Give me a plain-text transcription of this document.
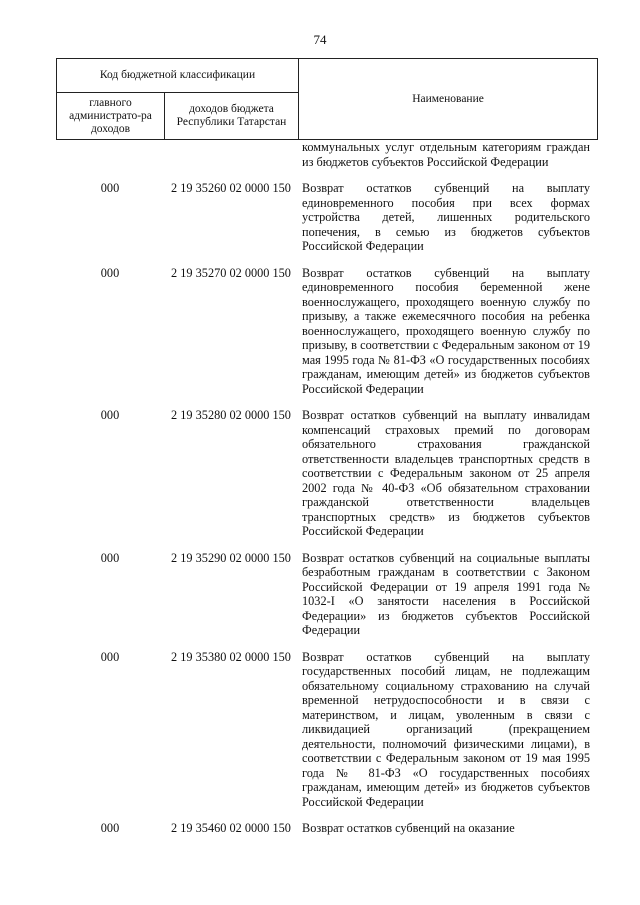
74
Код бюджетной классификации		Наименование
главного администрато-ра доходов	доходов бюджета Республики Татарстан	
коммунальных услуг отдельным категориям граждан из бюджетов субъектов Российской Федерации
000	2 19 35260 02 0000 150 Возврат остатков субвенций на выплату единовременного пособия при всех формах устройства детей, лишенных родительского попечения, в семью из бюджетов субъектов Российской Федерации
000	2 19 35270 02 0000 150 Возврат остатков субвенций на выплату единовременного пособия беременной жене военнослужащего, проходящего военную службу по призыву, а также ежемесячного пособия на ребенка военнослужащего, проходящего военную службу по призыву, в соответствии с Федеральным законом от 19 мая 1995 года № 81-ФЗ «О государственных пособиях гражданам, имеющим детей» из бюджетов субъектов Российской Федерации
000	2 19 35280 02 0000 150 Возврат остатков субвенций на выплату инвалидам компенсаций страховых премий по договорам обязательного страхования гражданской ответственности владельцев транспортных средств в соответствии с Федеральным законом от 25 апреля 2002 года № 40-ФЗ «Об обязательном страховании гражданской ответственности владельцев транспортных средств» из бюджетов субъектов Российской Федерации
000	2 19 35290 02 0000 150 Возврат остатков субвенций на социальные выплаты безработным гражданам в соответствии с Законом Российской Федерации от 19 апреля 1991 года № 1032-I «О занятости населения в Российской Федерации» из бюджетов субъектов Российской Федерации
000	2 19 35380 02 0000 150 Возврат остатков субвенций на выплату государственных пособий лицам, не подлежащим обязательному социальному страхованию на случай временной нетрудоспособности и в связи с материнством, и лицам, уволенным в связи с ликвидацией организаций (прекращением деятельности, полномочий физическими лицами), в соответствии с Федеральным законом от 19 мая 1995 года № 81-ФЗ «О государственных пособиях гражданам, имеющим детей» из бюджетов субъектов Российской Федерации
000	2 19 35460 02 0000 150 Возврат остатков субвенций на оказание
